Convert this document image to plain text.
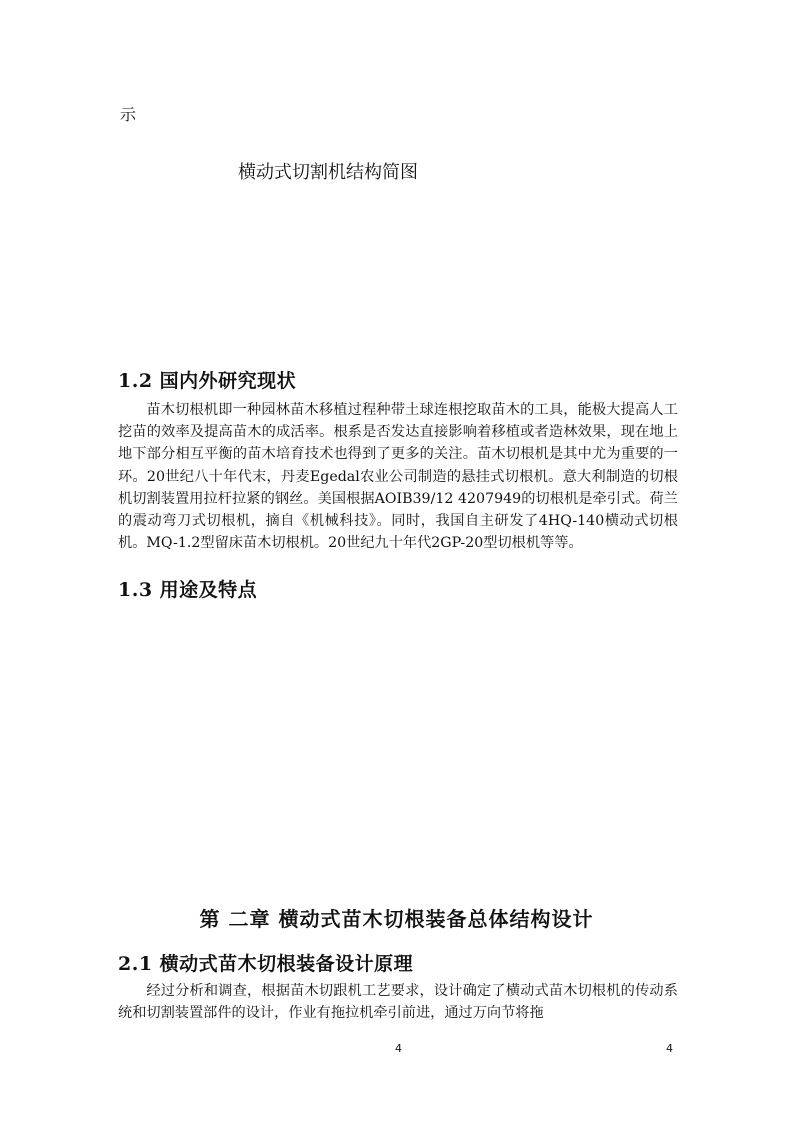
示

横动式切割机结构简图

1.2 国内外研究现状

苗木切根机即一种园林苗木移植过程种带土球连根挖取苗木的工具，能极大提高人工挖苗的效率及提高苗木的成活率。根系是否发达直接影响着移植或者造林效果，现在地上地下部分相互平衡的苗木培育技术也得到了更多的关注。苗木切根机是其中尤为重要的一环。20世纪八十年代末，丹麦Egedal农业公司制造的悬挂式切根机。意大利制造的切根机切割装置用拉杆拉紧的钢丝。美国根据AOIB39/12 4207949的切根机是牵引式。荷兰的震动弯刀式切根机，摘自《机械科技》。同时，我国自主研发了4HQ-140横动式切根机。MQ-1.2型留床苗木切根机。20世纪九十年代2GP-20型切根机等等。

1.3 用途及特点
第 二章 横动式苗木切根装备总体结构设计
2.1 横动式苗木切根装备设计原理

经过分析和调查，根据苗木切跟机工艺要求，设计确定了横动式苗木切根机的传动系统和切割装置部件的设计，作业有拖拉机牵引前进，通过万向节将拖

4	4
